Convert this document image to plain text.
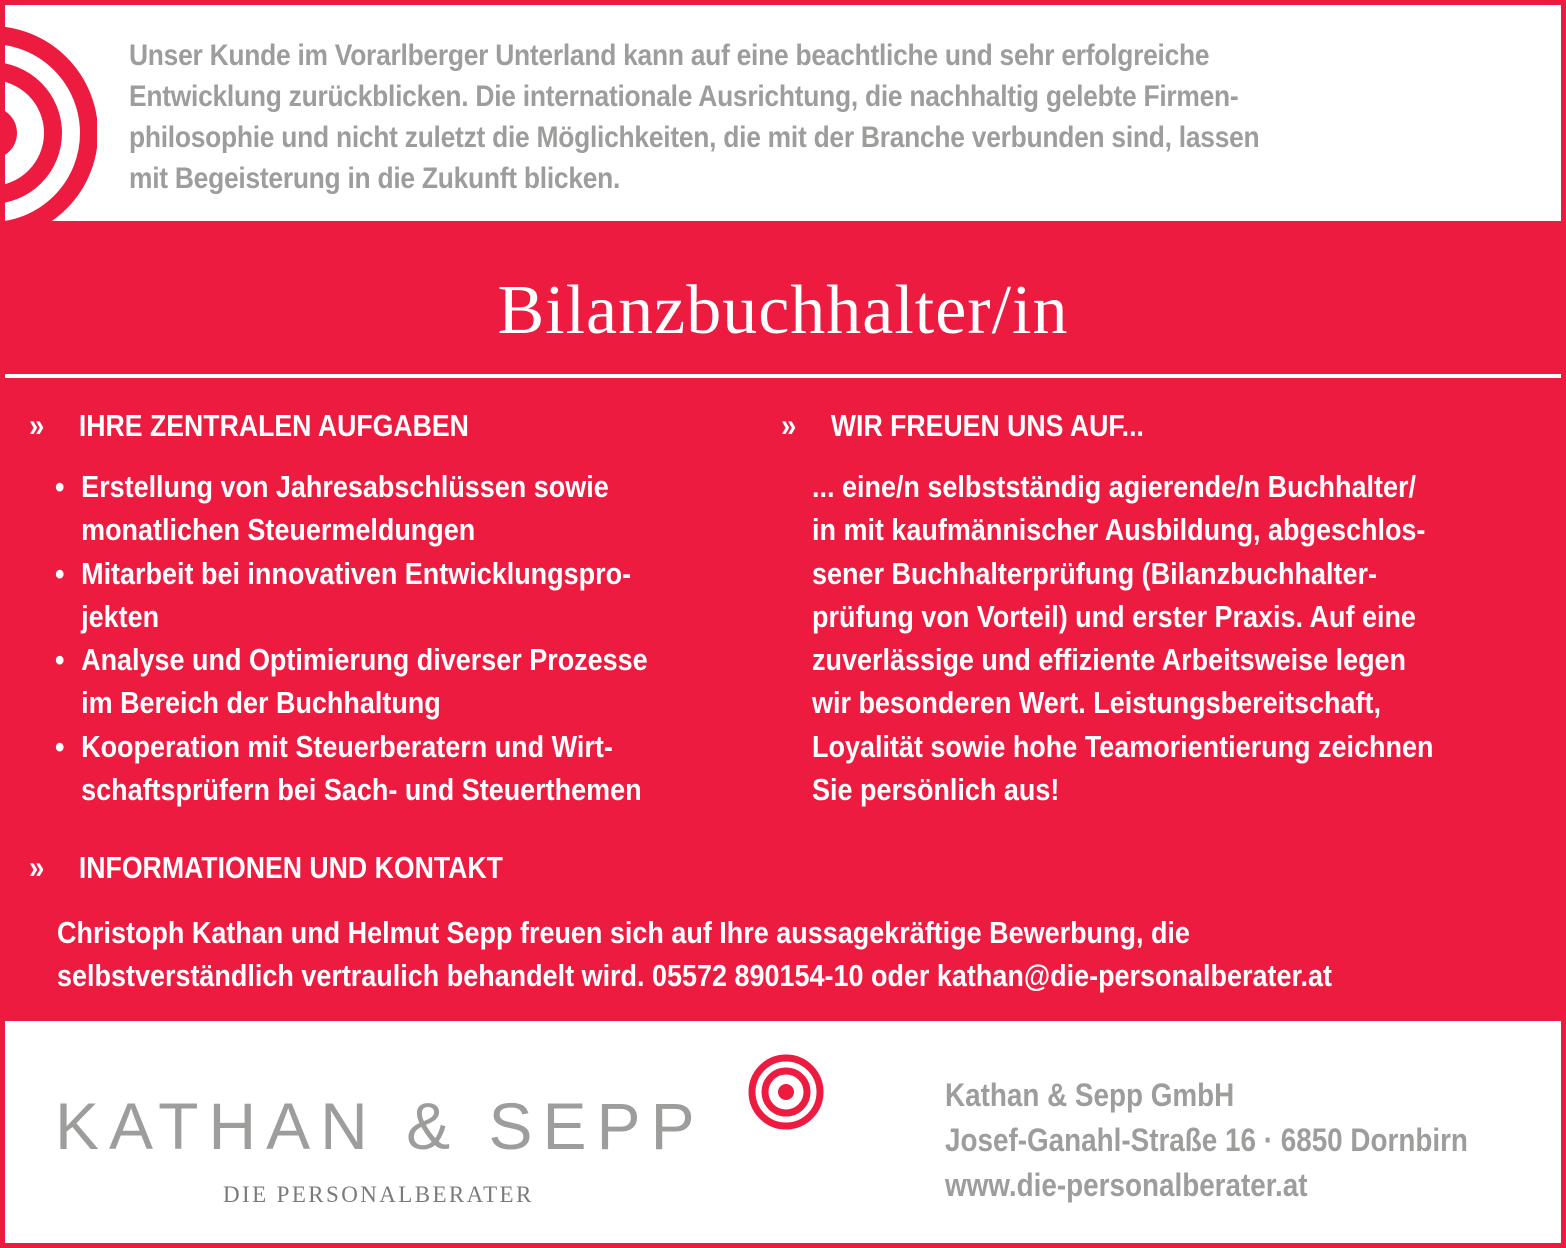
Unser Kunde im Vorarlberger Unterland kann auf eine beachtliche und sehr erfolgreiche
Entwicklung zurückblicken. Die internationale Ausrichtung, die nachhaltig gelebte Firmen-
philosophie und nicht zuletzt die Möglichkeiten, die mit der Branche verbunden sind, lassen
mit Begeisterung in die Zukunft blicken.

Bilanzbuchhalter/in
» IHRE ZENTRALEN AUFGABEN
• Erstellung von Jahresabschlüssen sowie
monatlichen Steuermeldungen
• Mitarbeit bei innovativen Entwicklungspro-
jekten
• Analyse und Optimierung diverser Prozesse
im Bereich der Buchhaltung
• Kooperation mit Steuerberatern und Wirt-
schaftsprüfern bei Sach- und Steuerthemen
» WIR FREUEN UNS AUF...

... eine/n selbstständig agierende/n Buchhalter/
in mit kaufmännischer Ausbildung, abgeschlos-
sener Buchhalterprüfung (Bilanzbuchhalter-
prüfung von Vorteil) und erster Praxis. Auf eine
zuverlässige und effiziente Arbeitsweise legen
wir besonderen Wert. Leistungsbereitschaft,
Loyalität sowie hohe Teamorientierung zeichnen
Sie persönlich aus!

» INFORMATIONEN UND KONTAKT

Christoph Kathan und Helmut Sepp freuen sich auf Ihre aussagekräftige Bewerbung, die
selbstverständlich vertraulich behandelt wird. 05572 890154-10 oder kathan@die-personalberater.at

KATHAN & SEPP

DIE PERSONALBERATER

Kathan & Sepp GmbH
Josef-Ganahl-Straße 16 · 6850 Dornbirn
www.die-personalberater.at
